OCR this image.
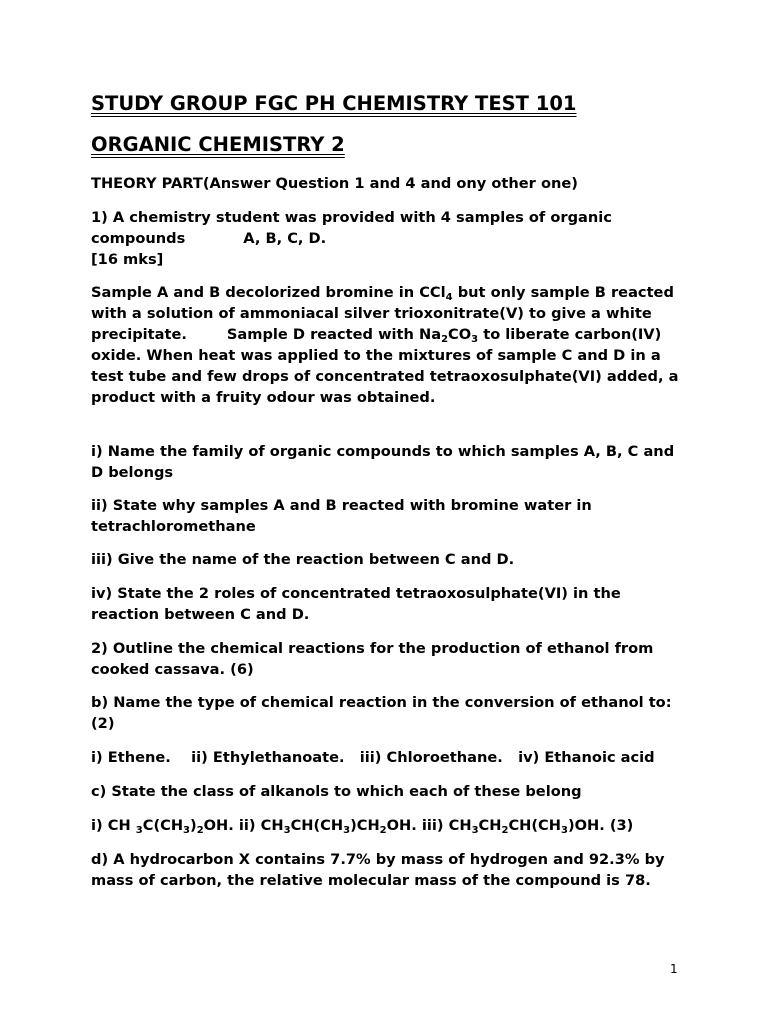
STUDY GROUP FGC PH CHEMISTRY TEST 101
ORGANIC CHEMISTRY 2

THEORY PART(Answer Question 1 and 4 and ony other one)

1) A chemistry student was provided with 4 samples of organic compounds	A, B, C, D.
[16 mks]

Sample A and B decolorized bromine in CCl$_4$ but only sample B reacted with a solution of ammoniacal silver trioxonitrate(V) to give a white precipitate.	Sample D reacted with $Na_2CO_3$ to liberate carbon(IV) oxide. When heat was applied to the mixtures of sample C and D in a test tube and few drops of concentrated tetraoxosulphate(VI) added, a product with a fruity odour was obtained.

i) Name the family of organic compounds to which samples A, B, C and D belongs

ii) State why samples A and B reacted with bromine water in tetrachloromethane

iii) Give the name of the reaction between C and D.

iv) State the 2 roles of concentrated tetraoxosulphate(VI) in the reaction between C and D.

2) Outline the chemical reactions for the production of ethanol from cooked cassava. (6)

b) Name the type of chemical reaction in the conversion of ethanol to: (2)

i) Ethene.    ii) Ethylethanoate.   iii) Chloroethane.   iv) Ethanoic acid

c) State the class of alkanols to which each of these belong

i) CH $_3C(CH_3)_2OH$. ii) $CH_3CH(CH_3)CH_2OH$. iii) $CH_3CH_2CH(CH_3)OH$. (3)

d) A hydrocarbon X contains 7.7% by mass of hydrogen and 92.3% by mass of carbon, the relative molecular mass of the compound is 78.

1
